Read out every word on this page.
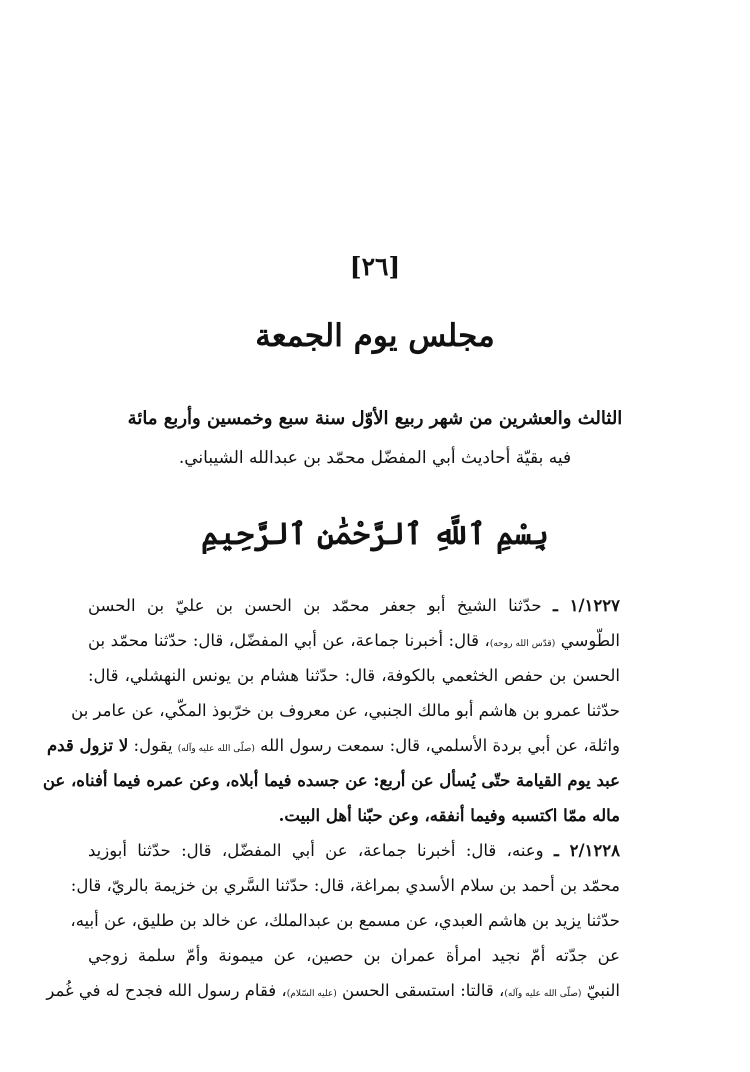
[٢٦]
مجلس يوم الجمعة
الثالث والعشرين من شهر ربيع الأوّل سنة سبع وخمسين وأربع مائة
فيه بقيّة أحاديث أبي المفضّل محمّد بن عبدالله الشيباني.
بِسْمِ ٱللَّهِ ٱلرَّحْمَٰنِ ٱلرَّحِيمِ
١/١٢٢٧ ـ حدّثنا الشيخ أبو جعفر محمّد بن الحسن بن عليّ بن الحسن
الطّوسي (قدّس الله روحه)، قال: أخبرنا جماعة، عن أبي المفضّل، قال: حدّثنا محمّد بن
الحسن بن حفص الخثعمي بالكوفة، قال: حدّثنا هشام بن يونس النهشلي، قال:
حدّثنا عمرو بن هاشم أبو مالك الجنبي، عن معروف بن خرّبوذ المكّي، عن عامر بن
واثلة، عن أبي بردة الأسلمي، قال: سمعت رسول الله (صلّى الله عليه وآله) يقول: لا تزول قدم
عبد يوم القيامة حتّى يُسأل عن أربع: عن جسده فيما أبلاه، وعن عمره فيما أفناه، عن
ماله ممّا اكتسبه وفيما أنفقه، وعن حبّنا أهل البيت.
٢/١٢٢٨ ـ وعنه، قال: أخبرنا جماعة، عن أبي المفضّل، قال: حدّثنا أبوزيد
محمّد بن أحمد بن سلام الأسدي بمراغة، قال: حدّثنا السَّري بن خزيمة بالريّ، قال:
حدّثنا يزيد بن هاشم العبدي، عن مسمع بن عبدالملك، عن خالد بن طليق، عن أبيه،
عن جدّته أمّ نجيد امرأة عمران بن حصين، عن ميمونة وأمّ سلمة زوجي
النبيّ (صلّى الله عليه وآله)، قالتا: استسقى الحسن (عليه السّلام)، فقام رسول الله فجدح له في غُمر
